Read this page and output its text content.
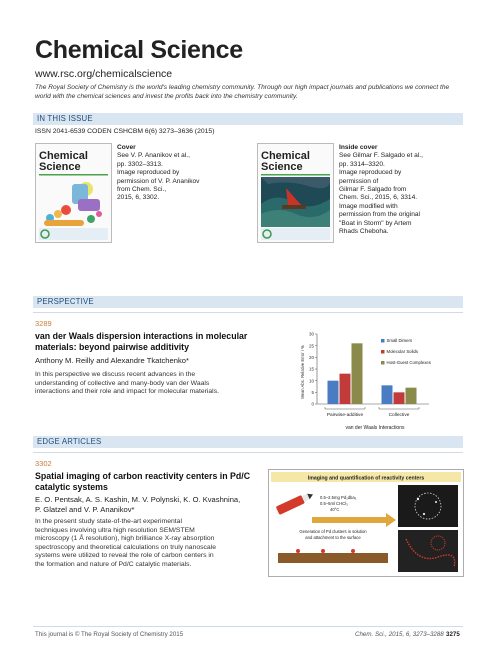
Chemical Science
www.rsc.org/chemicalscience
The Royal Society of Chemistry is the world's leading chemistry community. Through our high impact journals and publications we connect the world with the chemical sciences and invest the profits back into the chemistry community.
IN THIS ISSUE
ISSN 2041-6539 CODEN CSHCBM 6(6) 3273–3636 (2015)
Chemical
Science
Cover
See V. P. Ananikov et al.,
pp. 3302–3313.
Image reproduced by
permission of V. P. Ananikov
from Chem. Sci.,
2015, 6, 3302.
Chemical
Science
Inside cover
See Gilmar F. Salgado et al.,
pp. 3314–3320.
Image reproduced by
permission of
Gilmar F. Salgado from
Chem. Sci., 2015, 6, 3314.
Image modified with
permission from the original
"Boat in Storm" by Artem
Rhads Cheboha.
PERSPECTIVE
3289
van der Waals dispersion interactions in molecular
materials: beyond pairwise additivity
Anthony M. Reilly and Alexandre Tkatchenko*
In this perspective we discuss recent advances in the
understanding of collective and many-body van der Waals
interactions and their role and impact for molecular materials.	Mean Abs. Relative Error / %
0
5
10
15
20
25
30
Small Dimers
Molecular Solids
Host-Guest Complexes
Pairwise-additive	Collective
van der Waals Interactions
EDGE ARTICLES
3302
Spatial imaging of carbon reactivity centers in Pd/C
catalytic systems
E. O. Pentsak, A. S. Kashin, M. V. Polynski, K. O. Kvashnina,
P. Glatzel and V. P. Ananikov*
In the present study state-of-the-art experimental
techniques involving ultra high resolution SEM/STEM
microscopy (1 Å resolution), high brilliance X-ray absorption
spectroscopy and theoretical calculations on truly nanoscale
systems were utilized to reveal the role of carbon centers in
the formation and nature of Pd/C catalytic materials.
Imaging and quantification of reactivity centers
0.5–2.5mg Pd₂dba₃
0.5–5ml CHCl₃
40°C
Generation of Pd clusters in solution
and attachment to the surface
This journal is © The Royal Society of Chemistry 2015	Chem. Sci., 2015, 6, 3273–3288 3275
